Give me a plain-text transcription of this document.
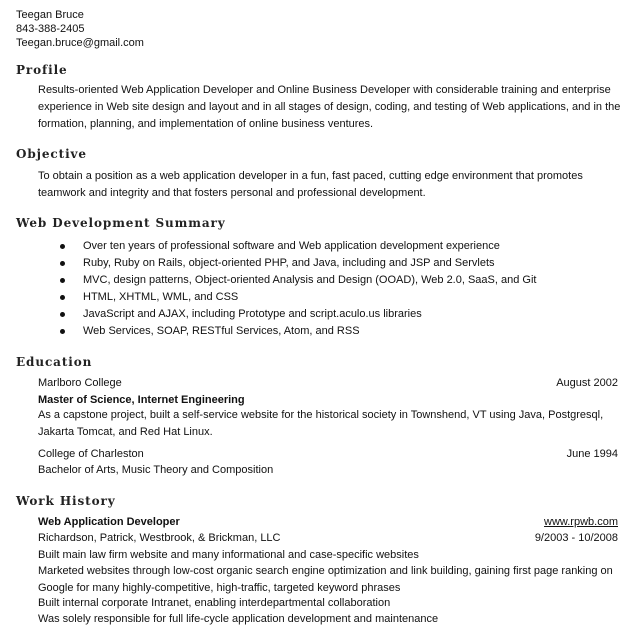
Teegan Bruce
843-388-2405
Teegan.bruce@gmail.com
Profile
Results-oriented Web Application Developer and Online Business Developer with considerable training and enterprise experience in Web site design and layout and in all stages of design, coding, and testing of Web applications, and in the formation, planning, and implementation of online business ventures.
Objective
To obtain a position as a web application developer in a fun, fast paced, cutting edge environment that promotes teamwork and integrity and that fosters personal and professional development.
Web Development Summary
Over ten years of professional software and Web application development experience
Ruby, Ruby on Rails, object-oriented PHP, and Java, including and JSP and Servlets
MVC, design patterns, Object-oriented Analysis and Design (OOAD), Web 2.0, SaaS, and Git
HTML, XHTML, WML, and CSS
JavaScript and AJAX, including Prototype and script.aculo.us libraries
Web Services, SOAP, RESTful Services, Atom, and RSS
Education
Marlboro College	August 2002
Master of Science, Internet Engineering
As a capstone project, built a self-service website for the historical society in Townshend, VT using Java, Postgresql, Jakarta Tomcat, and Red Hat Linux.
College of Charleston	June 1994
Bachelor of Arts, Music Theory and Composition
Work History
Web Application Developer	www.rpwb.com
Richardson, Patrick, Westbrook, & Brickman, LLC	9/2003 - 10/2008
Built main law firm website and many informational and case-specific websites
Marketed websites through low-cost organic search engine optimization and link building, gaining first page ranking on Google for many highly-competitive, high-traffic, targeted keyword phrases
Built internal corporate Intranet, enabling interdepartmental collaboration
Was solely responsible for full life-cycle application development and maintenance
